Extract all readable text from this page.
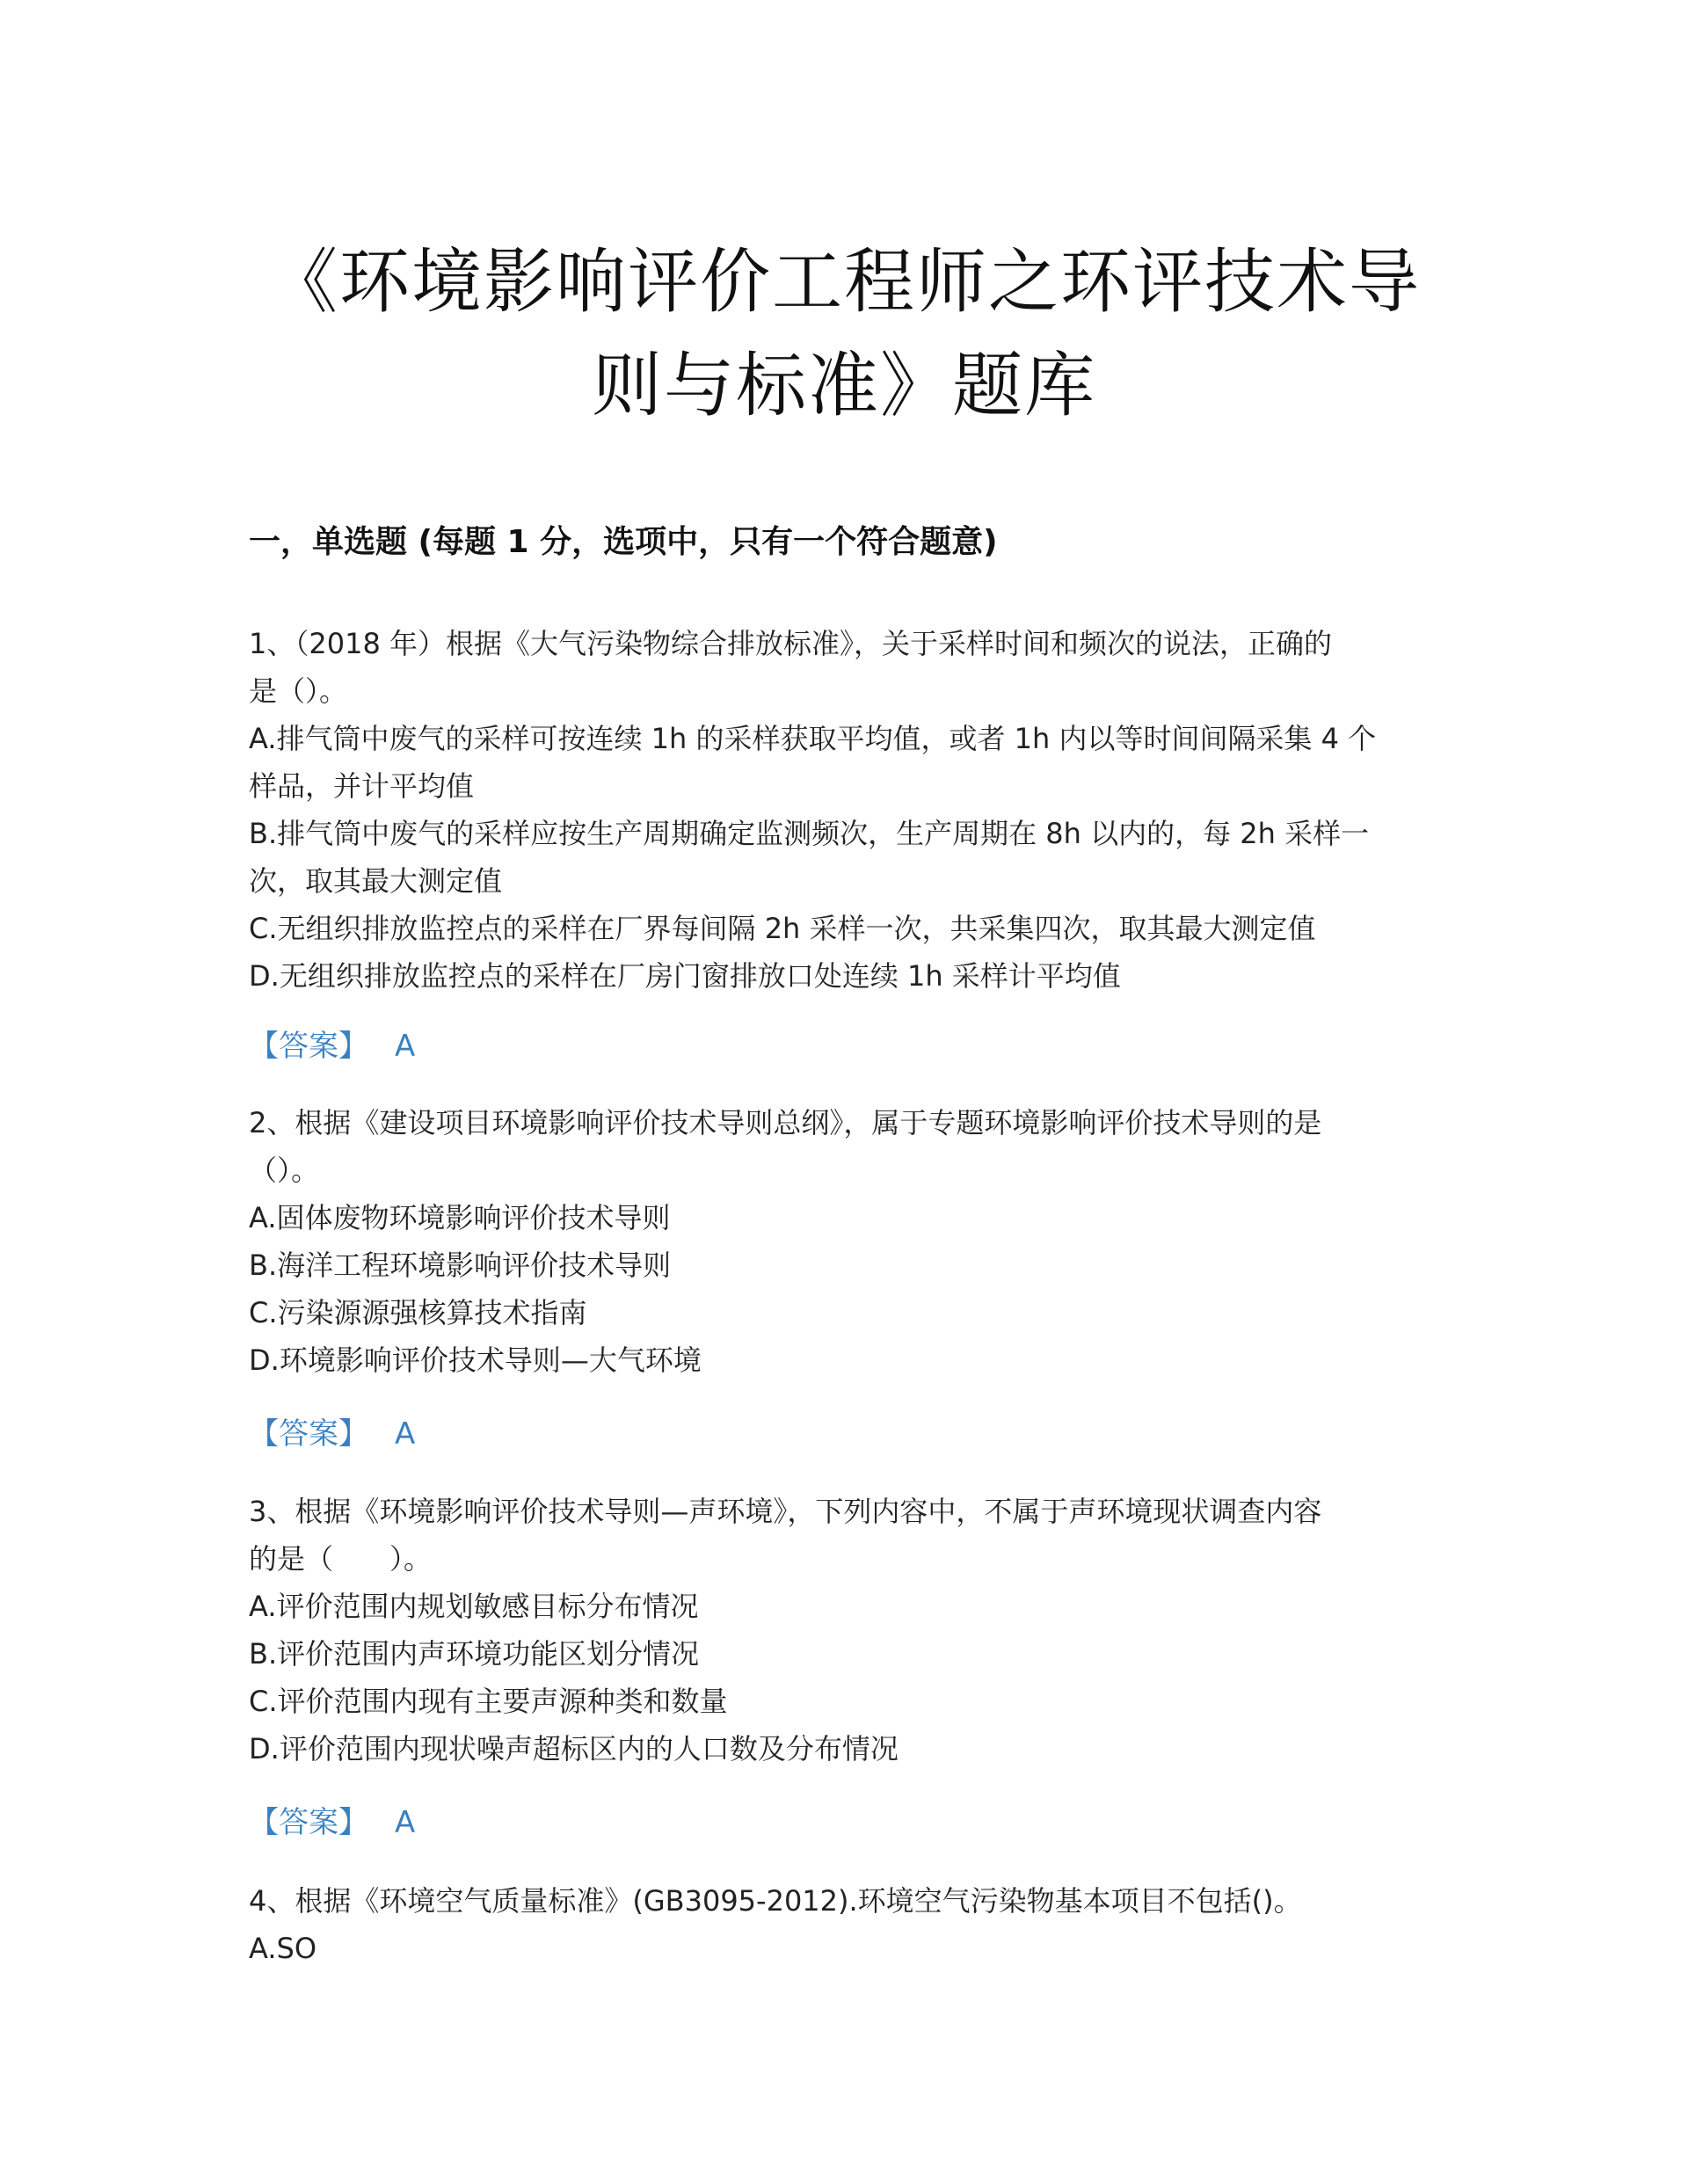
《环境影响评价工程师之环评技术导
则与标准》题库
一，单选题 (每题 1 分，选项中，只有一个符合题意)
1、（2018 年）根据《大气污染物综合排放标准》，关于采样时间和频次的说法，正确的
是（）。
A.排气筒中废气的采样可按连续 1h 的采样获取平均值，或者 1h 内以等时间间隔采集 4 个
样品，并计平均值
B.排气筒中废气的采样应按生产周期确定监测频次，生产周期在 8h 以内的，每 2h 采样一
次，取其最大测定值
C.无组织排放监控点的采样在厂界每间隔 2h 采样一次，共采集四次，取其最大测定值
D.无组织排放监控点的采样在厂房门窗排放口处连续 1h 采样计平均值
【答案】 A
2、根据《建设项目环境影响评价技术导则总纲》，属于专题环境影响评价技术导则的是
（）。
A.固体废物环境影响评价技术导则
B.海洋工程环境影响评价技术导则
C.污染源源强核算技术指南
D.环境影响评价技术导则—大气环境
【答案】 A
3、根据《环境影响评价技术导则—声环境》，下列内容中，不属于声环境现状调查内容
的是（　　）。
A.评价范围内规划敏感目标分布情况
B.评价范围内声环境功能区划分情况
C.评价范围内现有主要声源种类和数量
D.评价范围内现状噪声超标区内的人口数及分布情况
【答案】 A
4、根据《环境空气质量标准》(GB3095-2012).环境空气污染物基本项目不包括()。
A.SO
